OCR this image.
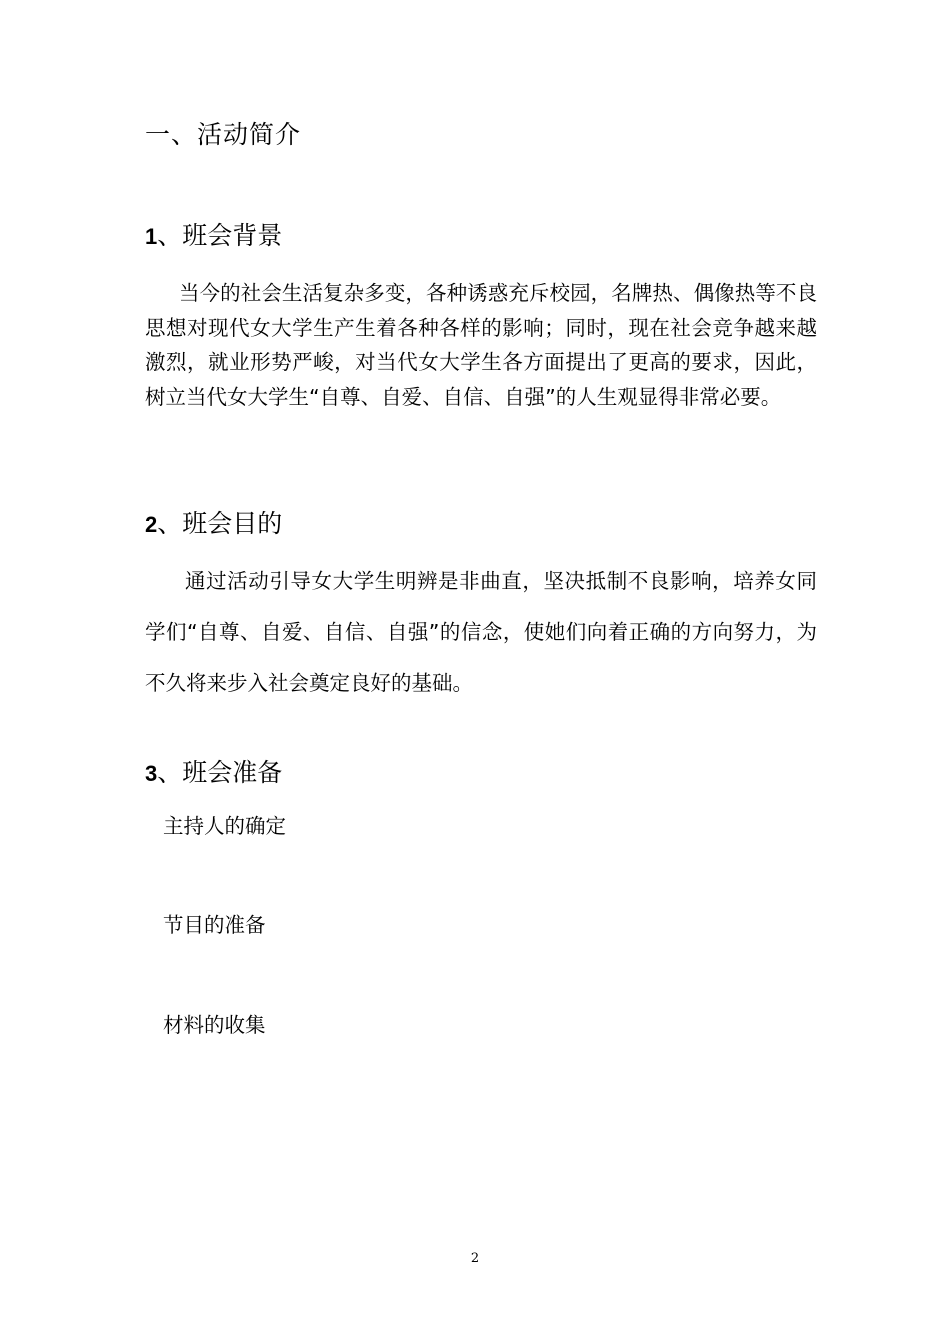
一、活动简介
1、班会背景
当今的社会生活复杂多变，各种诱惑充斥校园，名牌热、偶像热等不良思想对现代女大学生产生着各种各样的影响；同时，现在社会竞争越来越激烈，就业形势严峻，对当代女大学生各方面提出了更高的要求，因此，树立当代女大学生“自尊、自爱、自信、自强”的人生观显得非常必要。
2、班会目的
通过活动引导女大学生明辨是非曲直，坚决抵制不良影响，培养女同学们“自尊、自爱、自信、自强”的信念，使她们向着正确的方向努力，为不久将来步入社会奠定良好的基础。
3、班会准备
主持人的确定
节目的准备
材料的收集
2
